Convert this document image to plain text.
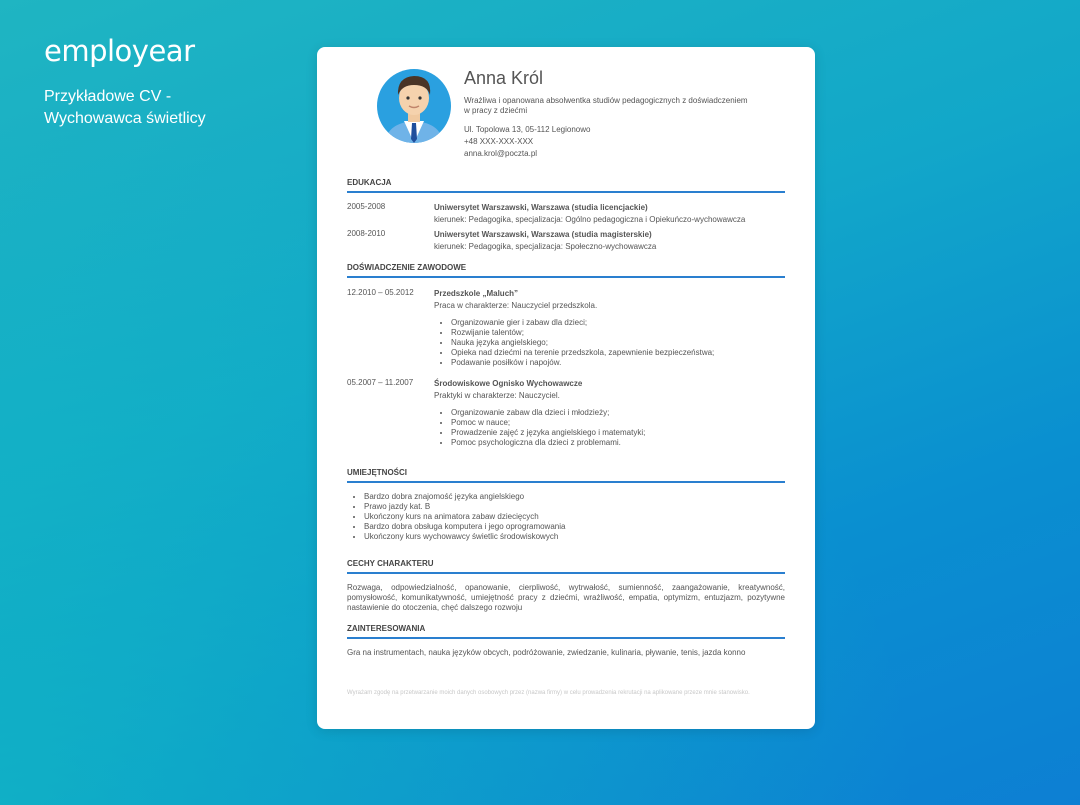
employear
Przykładowe CV - Wychowawca świetlicy
Anna Król
Wrażliwa i opanowana absolwentka studiów pedagogicznych z doświadczeniem w pracy z dziećmi
Ul. Topolowa 13, 05-112 Legionowo
+48 XXX-XXX-XXX
anna.krol@poczta.pl
EDUKACJA
2005-2008	Uniwersytet Warszawski, Warszawa (studia licencjackie)
kierunek: Pedagogika, specjalizacja: Ogólno pedagogiczna i Opiekuńczo-wychowawcza
2008-2010	Uniwersytet Warszawski, Warszawa (studia magisterskie)
kierunek: Pedagogika, specjalizacja: Społeczno-wychowawcza
DOŚWIADCZENIE ZAWODOWE
12.2010 – 05.2012	Przedszkole „Maluch”
Praca w charakterze: Nauczyciel przedszkola.
• Organizowanie gier i zabaw dla dzieci;
• Rozwijanie talentów;
• Nauka języka angielskiego;
• Opieka nad dziećmi na terenie przedszkola, zapewnienie bezpieczeństwa;
• Podawanie posiłków i napojów.
05.2007 – 11.2007	Środowiskowe Ognisko Wychowawcze
Praktyki w charakterze: Nauczyciel.
• Organizowanie zabaw dla dzieci i młodzieży;
• Pomoc w nauce;
• Prowadzenie zajęć z języka angielskiego i matematyki;
• Pomoc psychologiczna dla dzieci z problemami.
UMIEJĘTNOŚCI
• Bardzo dobra znajomość języka angielskiego
• Prawo jazdy kat. B
• Ukończony kurs na animatora zabaw dziecięcych
• Bardzo dobra obsługa komputera i jego oprogramowania
• Ukończony kurs wychowawcy świetlic środowiskowych
CECHY CHARAKTERU
Rozwaga, odpowiedzialność, opanowanie, cierpliwość, wytrwałość, sumienność, zaangażowanie, kreatywność, pomysłowość, komunikatywność, umiejętność pracy z dziećmi, wrażliwość, empatia, optymizm, entuzjazm, pozytywne nastawienie do otoczenia, chęć dalszego rozwoju
ZAINTERESOWANIA
Gra na instrumentach, nauka języków obcych, podróżowanie, zwiedzanie, kulinaria, pływanie, tenis, jazda konno
Wyrażam zgodę na przetwarzanie moich danych osobowych przez (nazwa firmy) w celu prowadzenia rekrutacji na aplikowane przeze mnie stanowisko.
